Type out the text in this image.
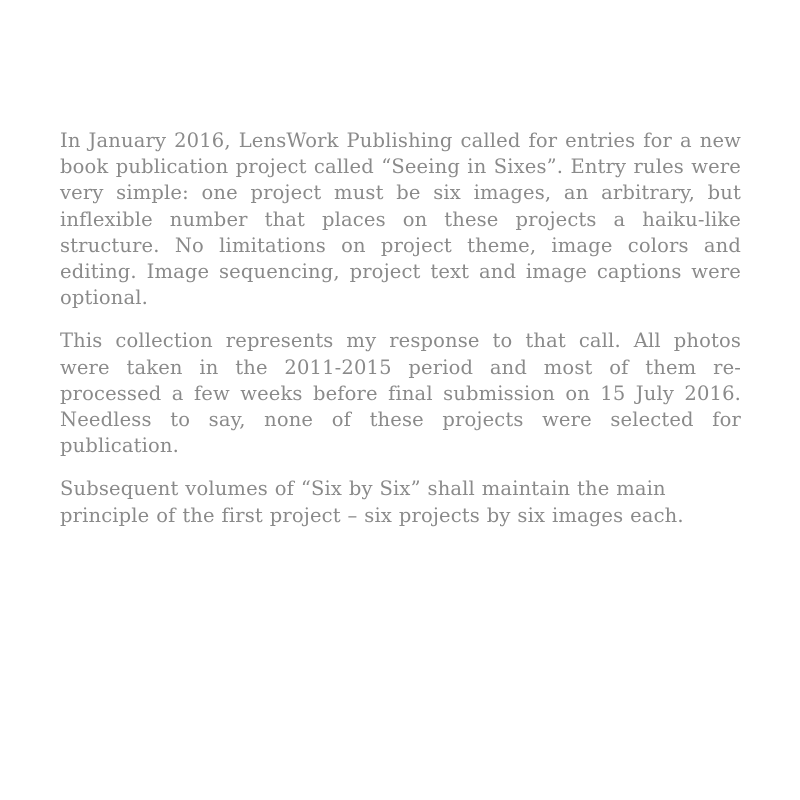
In January 2016, LensWork Publishing called for entries for a new book publication project called “Seeing in Sixes”. Entry rules were very simple: one project must be six images, an arbitrary, but inflexible number that places on these projects a haiku-like structure. No limitations on project theme, image colors and editing. Image sequencing, project text and image captions were optional.

This collection represents my response to that call. All photos were taken in the 2011-2015 period and most of them re-processed a few weeks before final submission on 15 July 2016. Needless to say, none of these projects were selected for publication.

Subsequent volumes of “Six by Six” shall maintain the main principle of the first project – six projects by six images each.
